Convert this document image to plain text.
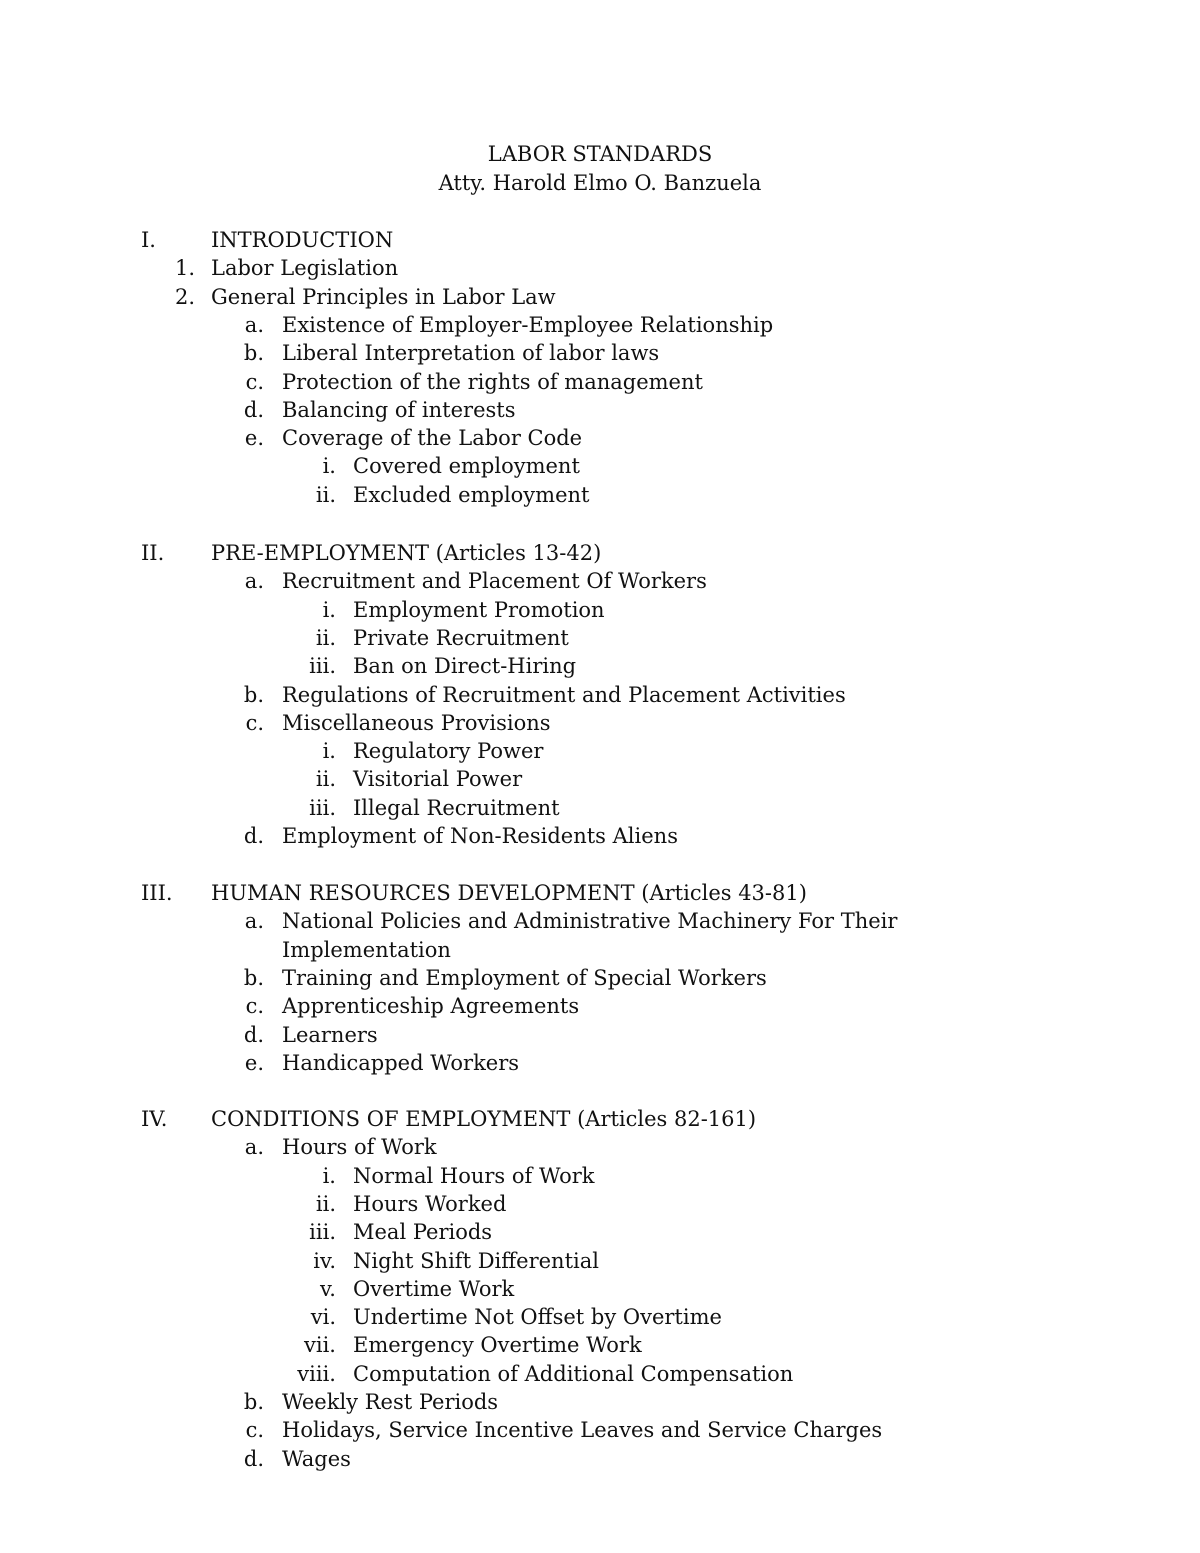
LABOR STANDARDS
Atty. Harold Elmo O. Banzuela
I.	INTRODUCTION
1. Labor Legislation
2. General Principles in Labor Law
a. Existence of Employer-Employee Relationship
b. Liberal Interpretation of labor laws
c. Protection of the rights of management
d. Balancing of interests
e. Coverage of the Labor Code
i. Covered employment
ii. Excluded employment
II. PRE-EMPLOYMENT (Articles 13-42)
a. Recruitment and Placement Of Workers
i. Employment Promotion
ii. Private Recruitment
iii. Ban on Direct-Hiring
b. Regulations of Recruitment and Placement Activities
c. Miscellaneous Provisions
i. Regulatory Power
ii. Visitorial Power
iii. Illegal Recruitment
d. Employment of Non-Residents Aliens
III. HUMAN RESOURCES DEVELOPMENT (Articles 43-81)
a. National Policies and Administrative Machinery For Their
Implementation
b. Training and Employment of Special Workers
c. Apprenticeship Agreements
d. Learners
e. Handicapped Workers
IV. CONDITIONS OF EMPLOYMENT (Articles 82-161)
a. Hours of Work
i. Normal Hours of Work
ii. Hours Worked
iii. Meal Periods
iv. Night Shift Differential
v. Overtime Work
vi. Undertime Not Offset by Overtime
vii. Emergency Overtime Work
viii. Computation of Additional Compensation
b. Weekly Rest Periods
c. Holidays, Service Incentive Leaves and Service Charges
d. Wages
